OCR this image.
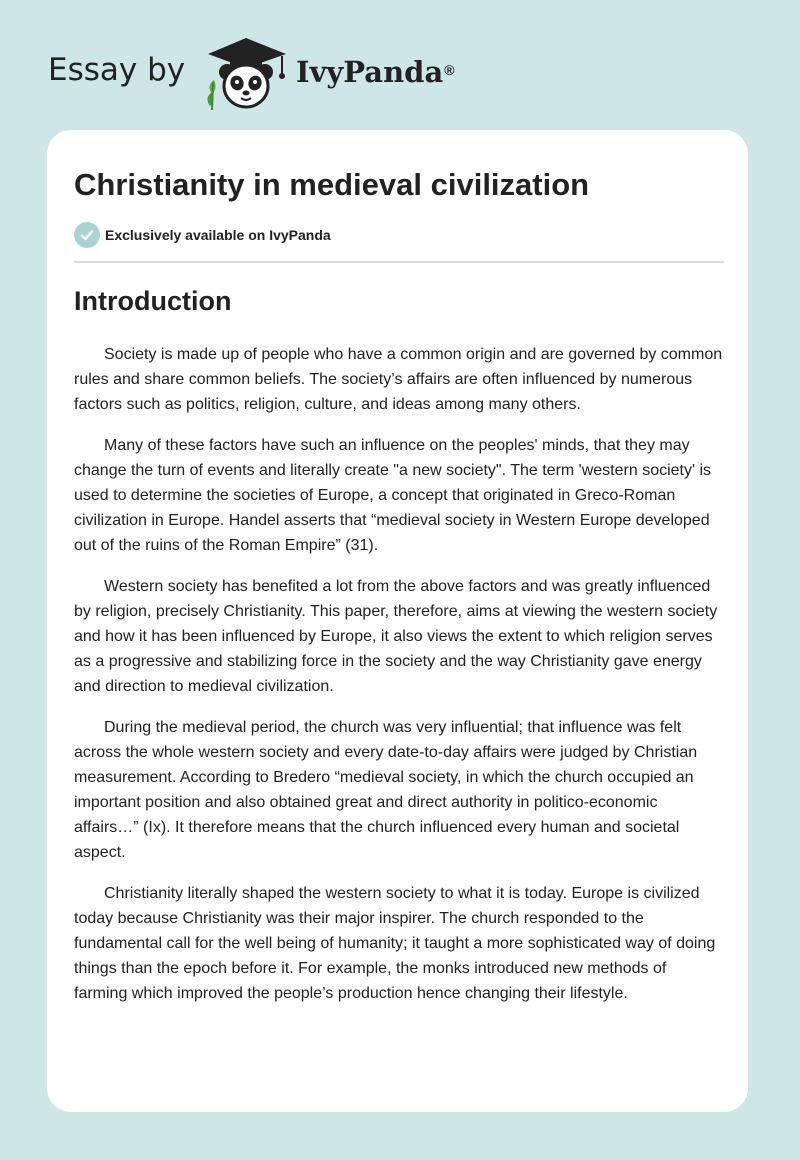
Essay by	IvyPanda®
Christianity in medieval civilization
Exclusively available on IvyPanda
Introduction

Society is made up of people who have a common origin and are governed by common rules and share common beliefs. The society’s affairs are often influenced by numerous factors such as politics, religion, culture, and ideas among many others.

Many of these factors have such an influence on the peoples' minds, that they may change the turn of events and literally create "a new society". The term 'western society' is used to determine the societies of Europe, a concept that originated in Greco-Roman civilization in Europe. Handel asserts that “medieval society in Western Europe developed out of the ruins of the Roman Empire” (31).

Western society has benefited a lot from the above factors and was greatly influenced by religion, precisely Christianity. This paper, therefore, aims at viewing the western society and how it has been influenced by Europe, it also views the extent to which religion serves as a progressive and stabilizing force in the society and the way Christianity gave energy and direction to medieval civilization.

During the medieval period, the church was very influential; that influence was felt across the whole western society and every date-to-day affairs were judged by Christian measurement. According to Bredero “medieval society, in which the church occupied an important position and also obtained great and direct authority in politico-economic affairs…” (Ix). It therefore means that the church influenced every human and societal aspect.

Christianity literally shaped the western society to what it is today. Europe is civilized today because Christianity was their major inspirer. The church responded to the fundamental call for the well being of humanity; it taught a more sophisticated way of doing things than the epoch before it. For example, the monks introduced new methods of farming which improved the people’s production hence changing their lifestyle.
